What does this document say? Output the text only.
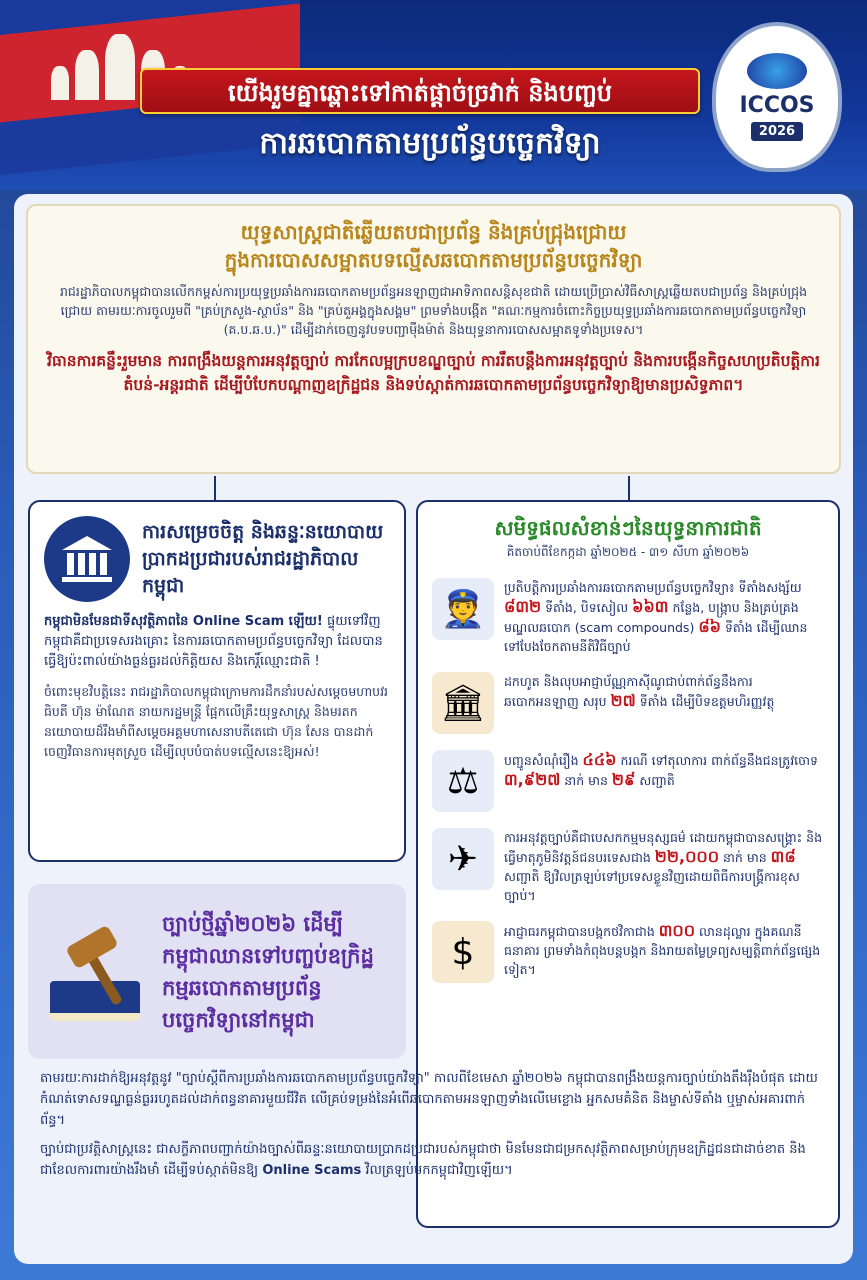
យើងរួមគ្នាឆ្ពោះទៅកាត់ផ្តាច់ច្រវាក់ និងបញ្ចប់
ការឆបោកតាមប្រព័ន្ធបច្ចេកវិទ្យា
ICCOS
2026
យុទ្ធសាស្ត្រជាតិឆ្លើយតបជាប្រព័ន្ធ និងគ្រប់ជ្រុងជ្រោយ
ក្នុងការបោសសម្អាតបទល្មើសឆបោកតាមប្រព័ន្ធបច្ចេកវិទ្យា
រាជរដ្ឋាភិបាលកម្ពុជាបានលើកកម្ពស់ការប្រយុទ្ធប្រឆាំងការឆបោកតាមប្រព័ន្ធអនឡាញជាអាទិភាពសន្តិសុខជាតិ ដោយប្រើប្រាស់វិធីសាស្ត្រឆ្លើយតបជាប្រព័ន្ធ និងគ្រប់ជ្រុងជ្រោយ តាមរយៈការចូលរួមពី "គ្រប់ក្រសួង-ស្ថាប័ន" និង "គ្រប់តួអង្គក្នុងសង្គម" ព្រមទាំងបង្កើត "គណៈកម្មការចំពោះកិច្ចប្រយុទ្ធប្រឆាំងការឆបោកតាមប្រព័ន្ធបច្ចេកវិទ្យា (គ.ប.ឆ.ប.)" ដើម្បីដាក់ចេញនូវបទបញ្ជាម៉ឺងម៉ាត់ និងយុទ្ធនាការបោសសម្អាតទូទាំងប្រទេស។
វិធានការគន្លឹះរួមមាន ការពង្រឹងយន្តការអនុវត្តច្បាប់ ការកែលម្អក្របខណ្ឌច្បាប់ ការរឹតបន្តឹងការអនុវត្តច្បាប់ និងការបង្កើនកិច្ចសហប្រតិបត្តិការតំបន់-អន្តរជាតិ ដើម្បីបំបែកបណ្តាញឧក្រិដ្ឋជន និងទប់ស្កាត់ការឆបោកតាមប្រព័ន្ធបច្ចេកវិទ្យាឱ្យមានប្រសិទ្ធភាព។
ការសម្រេចចិត្ត និងឆន្ទៈនយោបាយប្រាកដប្រជារបស់រាជរដ្ឋាភិបាលកម្ពុជា
កម្ពុជាមិនមែនជាទីសុវត្ថិភាពនៃ Online Scam ឡើយ! ផ្ទុយទៅវិញ កម្ពុជាគឺជាប្រទេសរងគ្រោះ នៃការឆបោកតាមប្រព័ន្ធបច្ចេកវិទ្យា ដែលបានធ្វើឱ្យប៉ះពាល់យ៉ាងធ្ងន់ធ្ងរដល់កិត្តិយស និងកេរ្តិ៍ឈ្មោះជាតិ !
ចំពោះមុខវិបត្តិនេះ រាជរដ្ឋាភិបាលកម្ពុជាក្រោមការដឹកនាំរបស់សម្តេចមហាបវរធិបតី ហ៊ុន ម៉ាណែត នាយករដ្ឋមន្ត្រី ផ្អែកលើគ្រឹះយុទ្ធសាស្ត្រ និងមរតកនយោបាយដ៏រឹងមាំពីសម្តេចអគ្គមហាសេនាបតីតេជោ ហ៊ុន សែន បានដាក់ចេញវិធានការមុតស្រួច ដើម្បីលុបបំបាត់បទល្មើសនេះឱ្យអស់!
សមិទ្ធផលសំខាន់ៗនៃយុទ្ធនាការជាតិ
គិតចាប់ពីខែកក្កដា ឆ្នាំ២០២៥ - ៣១ សីហា ឆ្នាំ២០២៦
👮
ប្រតិបត្តិការប្រឆាំងការឆបោកតាមប្រព័ន្ធបច្ចេកវិទ្យា៖ ទីតាំងសង្ស័យ ៨៣២ ទីតាំង, បិទសៀល ៦៦៣ កន្លែង, បង្ក្រាប និងគ្រប់គ្រងមណ្ឌលឆបោក (scam compounds) ៨៦ ទីតាំង ដើម្បីឈានទៅបែងចែកតាមនីតិវិធីច្បាប់
🏛
ដកហូត និងលុបអាជ្ញាប័ណ្ណកាស៊ីណូជាប់ពាក់ព័ន្ធនឹងការឆបោកអនឡាញ សរុប ២៧ ទីតាំង ដើម្បីបិទឧត្តមហិរញ្ញវត្ថុ
⚖	បញ្ជូនសំណុំរឿង ៤៤៦ ករណី ទៅតុលាការ ពាក់ព័ន្ធនឹងជនត្រូវចោទ ៣,៩២៧ នាក់ មាន ២៩ សញ្ជាតិ
✈
ការអនុវត្តច្បាប់គឺជាបេសកកម្មមនុស្សធម៌ ដោយកម្ពុជាបានសង្គ្រោះ និងធ្វើមាតុភូមិនិវត្តន៍ជនបរទេសជាង ២២,០០០ នាក់ មាន ៣៨ សញ្ជាតិ ឱ្យវិលត្រឡប់ទៅប្រទេសខ្លួនវិញដោយពិធីការបង្គ្រីការខុសច្បាប់។
$	អាជ្ញាធរកម្ពុជាបានបង្កកថវិកាជាង ៣០០ លានដុល្លារ ក្នុងគណនីធនាគារ ព្រមទាំងកំពុងបន្តបង្កក និងរាយតម្លៃទ្រព្យសម្បត្តិពាក់ព័ន្ធផ្សេងទៀត។
ច្បាប់ថ្មីឆ្នាំ២០២៦ ដើម្បីកម្ពុជាឈានទៅបញ្ចប់ឧក្រិដ្ឋកម្មឆបោកតាមប្រព័ន្ធបច្ចេកវិទ្យានៅកម្ពុជា

តាមរយៈការដាក់ឱ្យអនុវត្តនូវ "ច្បាប់ស្តីពីការប្រឆាំងការឆបោកតាមប្រព័ន្ធបច្ចេកវិទ្យា" កាលពីខែមេសា ឆ្នាំ២០២៦ កម្ពុជាបានពង្រឹងយន្តការច្បាប់យ៉ាងតឹងរ៉ឹងបំផុត ដោយកំណត់ទោសទណ្ឌធ្ងន់ធ្ងររហូតដល់ដាក់ពន្ធនាគារមួយជីវិត លើគ្រប់ទម្រង់នៃអំពើឆបោកតាមអនឡាញទាំងលើមេខ្លោង អ្នកសមគំនិត និងម្ចាស់ទីតាំង ឬម្ចាស់អគារពាក់ព័ន្ធ។

ច្បាប់ជាប្រវត្តិសាស្ត្រនេះ ជាសក្ខីភាពបញ្ជាក់យ៉ាងច្បាស់ពីឆន្ទៈនយោបាយប្រាកដប្រជារបស់កម្ពុជាថា មិនមែនជាជម្រកសុវត្ថិភាពសម្រាប់ក្រុមឧក្រិដ្ឋជនជាដាច់ខាត និងជាខែលការពារយ៉ាងរឹងមាំ ដើម្បីទប់ស្កាត់មិនឱ្យ Online Scams វិលត្រឡប់មកកម្ពុជាវិញឡើយ។
